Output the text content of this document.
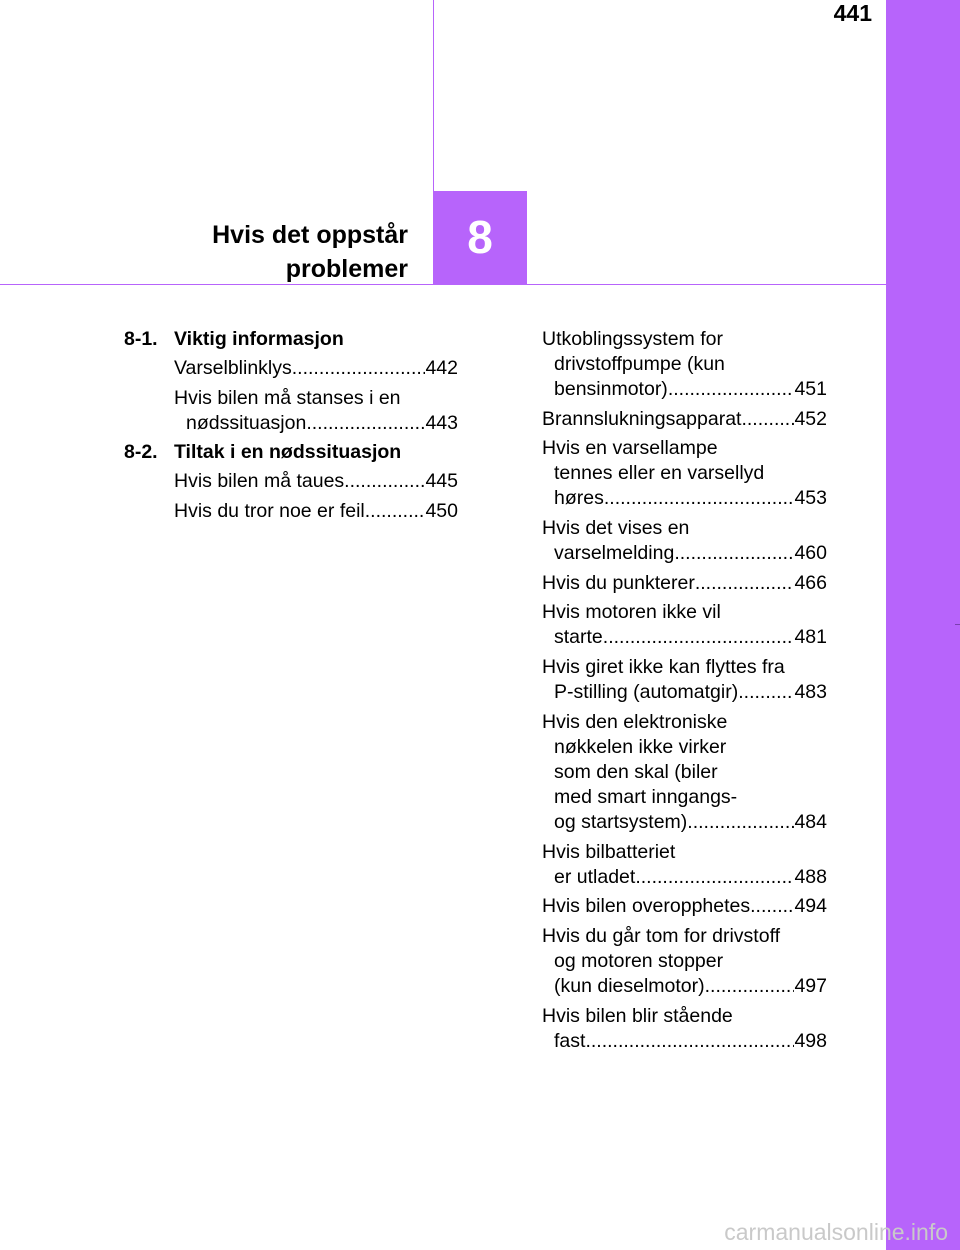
441
8
Hvis det oppstår
problemer
8-1. Viktig informasjon
Varselblinklys .....	442
Hvis bilen må stanses i en
nødssituasjon .....	443
8-2. Tiltak i en nødssituasjon
Hvis bilen må taues .....	445
Hvis du tror noe er feil .....	450
Utkoblingssystem for
drivstoffpumpe (kun
bensinmotor) .....	451
Brannslukningsapparat .....	452
Hvis en varsellampe
tennes eller en varsellyd
høres .....	453
Hvis det vises en
varselmelding .....	460
Hvis du punkterer .....	466
Hvis motoren ikke vil
starte .....	481
Hvis giret ikke kan flyttes fra
P-stilling (automatgir) .....	483
Hvis den elektroniske
nøkkelen ikke virker
som den skal (biler
med smart inngangs-
og startsystem) .....	484
Hvis bilbatteriet
er utladet .....	488
Hvis bilen overopphetes ..... 494
Hvis du går tom for drivstoff
og motoren stopper
(kun dieselmotor) .....	497
Hvis bilen blir stående
fast .....	498
carmanualsonline.info
